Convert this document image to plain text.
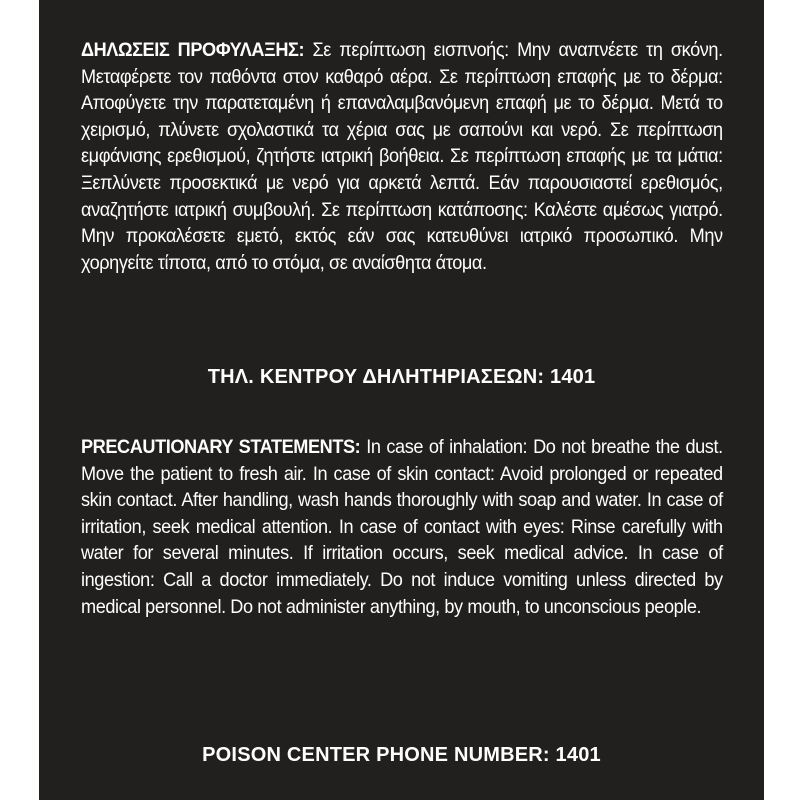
ΔΗΛΩΣΕΙΣ ΠΡΟΦΥΛΑΞΗΣ: Σε περίπτωση εισπνοής: Μην αναπνέετε τη σκόνη. Μεταφέρετε τον παθόντα στον καθαρό αέρα. Σε περίπτωση επαφής με το δέρμα: Αποφύγετε την παρατεταμένη ή επαναλαμβανόμενη επαφή με το δέρμα. Μετά το χειρισμό, πλύνετε σχολαστικά τα χέρια σας με σαπούνι και νερό. Σε περίπτωση εμφάνισης ερεθισμού, ζητήστε ιατρική βοήθεια. Σε περίπτωση επαφής με τα μάτια: Ξεπλύνετε προσεκτικά με νερό για αρκετά λεπτά. Εάν παρουσιαστεί ερεθισμός, αναζητήστε ιατρική συμβουλή. Σε περίπτωση κατάποσης: Καλέστε αμέσως γιατρό. Μην προκαλέσετε εμετό, εκτός εάν σας κατευθύνει ιατρικό προσωπικό. Μην χορηγείτε τίποτα, από το στόμα, σε αναίσθητα άτομα.
ΤΗΛ. ΚΕΝΤΡΟΥ ΔΗΛΗΤΗΡΙΑΣΕΩΝ: 1401
PRECAUTIONARY STATEMENTS: In case of inhalation: Do not breathe the dust. Move the patient to fresh air. In case of skin contact: Avoid prolonged or repeated skin contact. After handling, wash hands thoroughly with soap and water. In case of irritation, seek medical attention. In case of contact with eyes: Rinse carefully with water for several minutes. If irritation occurs, seek medical advice. In case of ingestion: Call a doctor immediately. Do not induce vomiting unless directed by medical personnel. Do not administer anything, by mouth, to unconscious people.
POISON CENTER PHONE NUMBER: 1401
